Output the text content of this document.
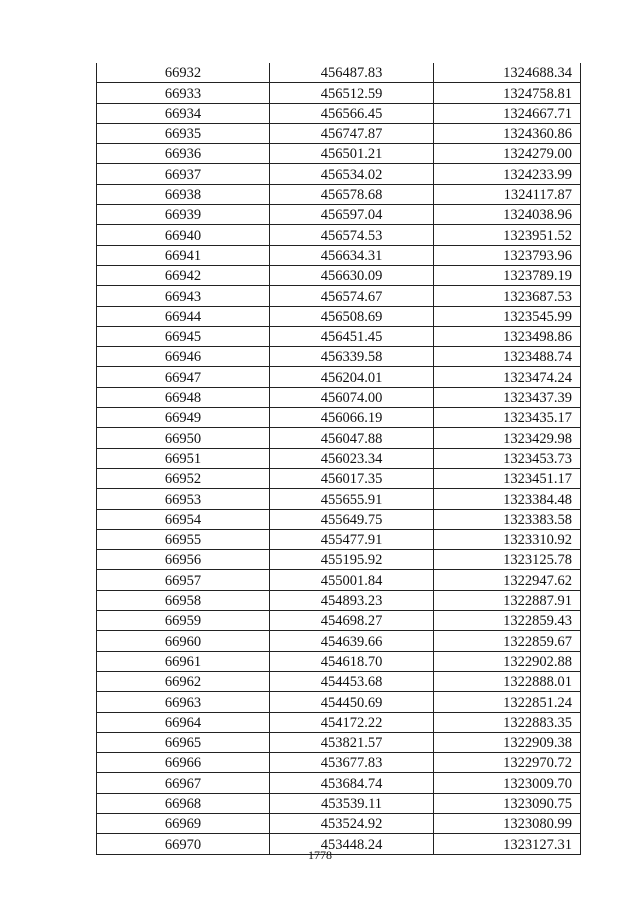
66932	456487.83	1324688.34
66933	456512.59	1324758.81
66934	456566.45	1324667.71
66935	456747.87	1324360.86
66936	456501.21	1324279.00
66937	456534.02	1324233.99
66938	456578.68	1324117.87
66939	456597.04	1324038.96
66940	456574.53	1323951.52
66941	456634.31	1323793.96
66942	456630.09	1323789.19
66943	456574.67	1323687.53
66944	456508.69	1323545.99
66945	456451.45	1323498.86
66946	456339.58	1323488.74
66947	456204.01	1323474.24
66948	456074.00	1323437.39
66949	456066.19	1323435.17
66950	456047.88	1323429.98
66951	456023.34	1323453.73
66952	456017.35	1323451.17
66953	455655.91	1323384.48
66954	455649.75	1323383.58
66955	455477.91	1323310.92
66956	455195.92	1323125.78
66957	455001.84	1322947.62
66958	454893.23	1322887.91
66959	454698.27	1322859.43
66960	454639.66	1322859.67
66961	454618.70	1322902.88
66962	454453.68	1322888.01
66963	454450.69	1322851.24
66964	454172.22	1322883.35
66965	453821.57	1322909.38
66966	453677.83	1322970.72
66967	453684.74	1323009.70
66968	453539.11	1323090.75
66969	453524.92	1323080.99
66970	453448.24	1323127.31
1778
